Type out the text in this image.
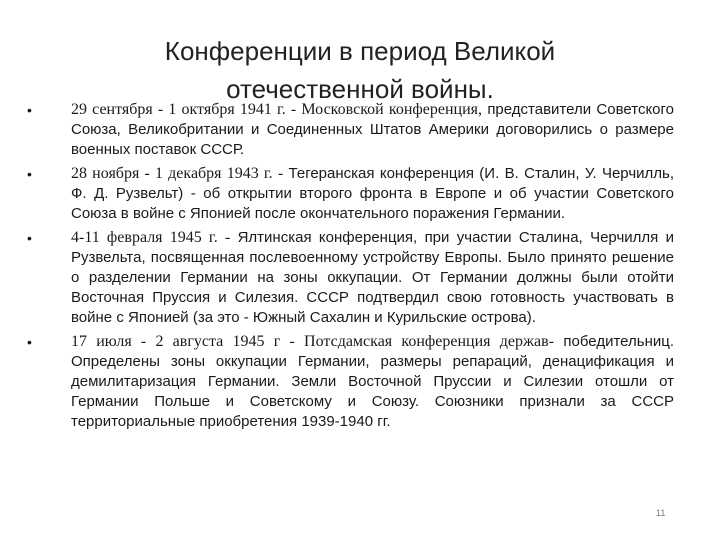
Конференции в период Великой
отечественной войны.
• 29 сентября - 1 октября 1941 г. - Московской конференция, представители Советского Союза, Великобритании и Соединенных Штатов Америки договорились о размере военных поставок СССР.
• 28 ноября - 1 декабря 1943 г. - Тегеранская конференция (И. В. Сталин, У. Черчилль, Ф. Д. Рузвельт) - об открытии второго фронта в Европе и об участии Советского Союза в войне с Японией после окончательного поражения Германии.
• 4-11 февраля 1945 г. - Ялтинская конференция, при участии Сталина, Черчилля и Рузвельта, посвященная послевоенному устройству Европы. Было принято решение о разделении Германии на зоны оккупации. От Германии должны были отойти Восточная Пруссия и Силезия. СССР подтвердил свою готовность участвовать в войне с Японией (за это - Южный Сахалин и Курильские острова).
• 17 июля - 2 августа 1945 г - Потсдамская конференция держав- победительниц. Определены зоны оккупации Германии, размеры репараций, денацификация и демилитаризация Германии. Земли Восточной Пруссии и Силезии отошли от Германии Польше и Советскому и Союзу. Союзники признали за СССР территориальные приобретения 1939-1940 гг.
11
